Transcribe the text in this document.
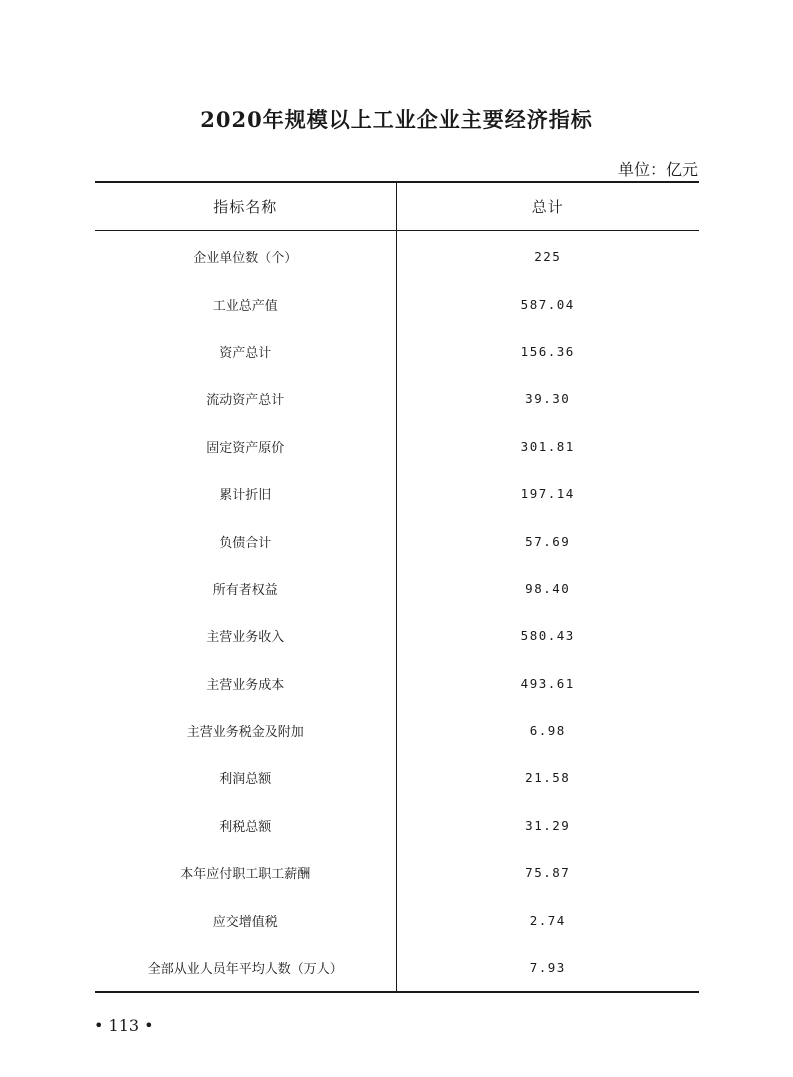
2020年规模以上工业企业主要经济指标
单位：亿元
指标名称	总计
企业单位数（个）	225
工业总产值	587.04
资产总计	156.36
流动资产总计	39.30
固定资产原价	301.81
累计折旧	197.14
负债合计	57.69
所有者权益	98.40
主营业务收入	580.43
主营业务成本	493.61
主营业务税金及附加	6.98
利润总额	21.58
利税总额	31.29
本年应付职工职工薪酬	75.87
应交增值税	2.74
全部从业人员年平均人数（万人）	7.93
• 113 •
